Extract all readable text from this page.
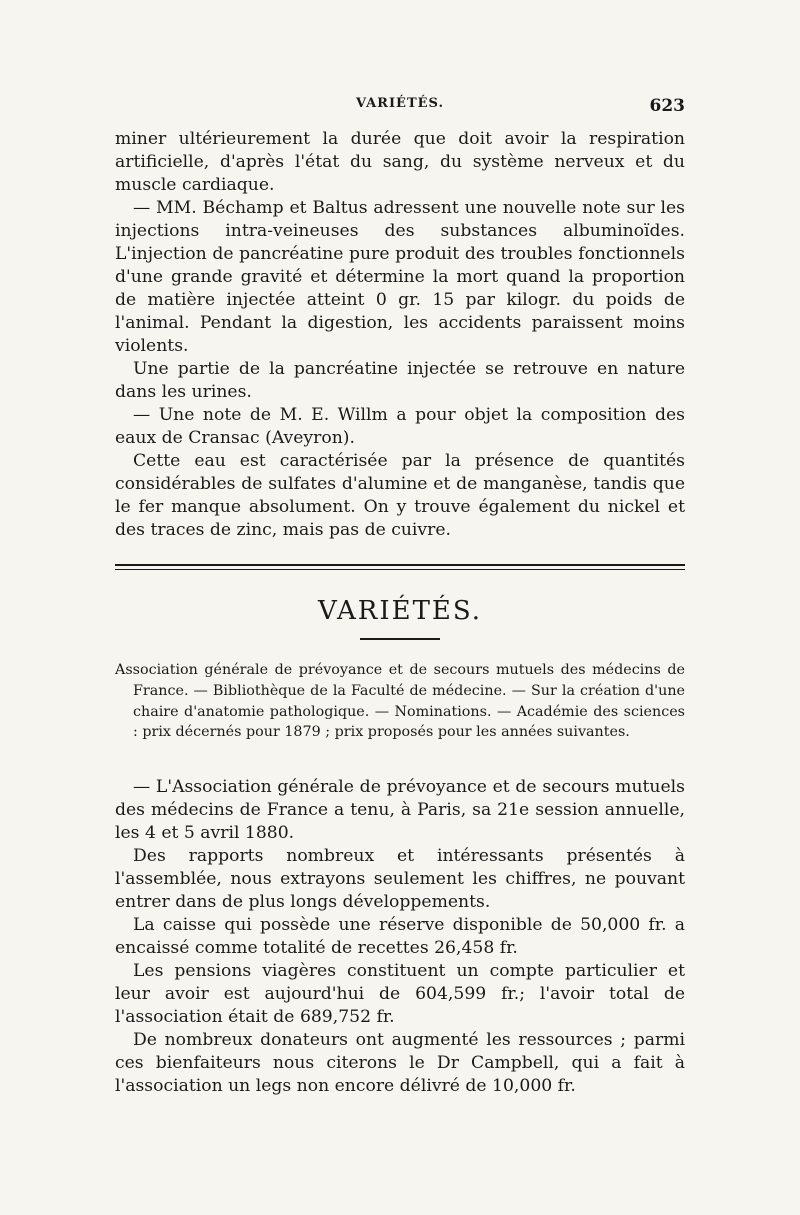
VARIÉTÉS.	623

miner ultérieurement la durée que doit avoir la respiration artificielle, d'après l'état du sang, du système nerveux et du muscle cardiaque.

— MM. Béchamp et Baltus adressent une nouvelle note sur les injections intra-veineuses des substances albuminoïdes. L'injection de pancréatine pure produit des troubles fonctionnels d'une grande gravité et détermine la mort quand la proportion de matière injectée atteint 0 gr. 15 par kilogr. du poids de l'animal. Pendant la digestion, les accidents paraissent moins violents.

Une partie de la pancréatine injectée se retrouve en nature dans les urines.

— Une note de M. E. Willm a pour objet la composition des eaux de Cransac (Aveyron).

Cette eau est caractérisée par la présence de quantités considérables de sulfates d'alumine et de manganèse, tandis que le fer manque absolument. On y trouve également du nickel et des traces de zinc, mais pas de cuivre.

VARIÉTÉS.
Association générale de prévoyance et de secours mutuels des médecins de France. — Bibliothèque de la Faculté de médecine. — Sur la création d'une chaire d'anatomie pathologique. — Nominations. — Académie des sciences : prix décernés pour 1879 ; prix proposés pour les années suivantes.

— L'Association générale de prévoyance et de secours mutuels des médecins de France a tenu, à Paris, sa 21e session annuelle, les 4 et 5 avril 1880.

Des rapports nombreux et intéressants présentés à l'assemblée, nous extrayons seulement les chiffres, ne pouvant entrer dans de plus longs développements.

La caisse qui possède une réserve disponible de 50,000 fr. a encaissé comme totalité de recettes 26,458 fr.

Les pensions viagères constituent un compte particulier et leur avoir est aujourd'hui de 604,599 fr.; l'avoir total de l'association était de 689,752 fr.

De nombreux donateurs ont augmenté les ressources ; parmi ces bienfaiteurs nous citerons le Dr Campbell, qui a fait à l'association un legs non encore délivré de 10,000 fr.
